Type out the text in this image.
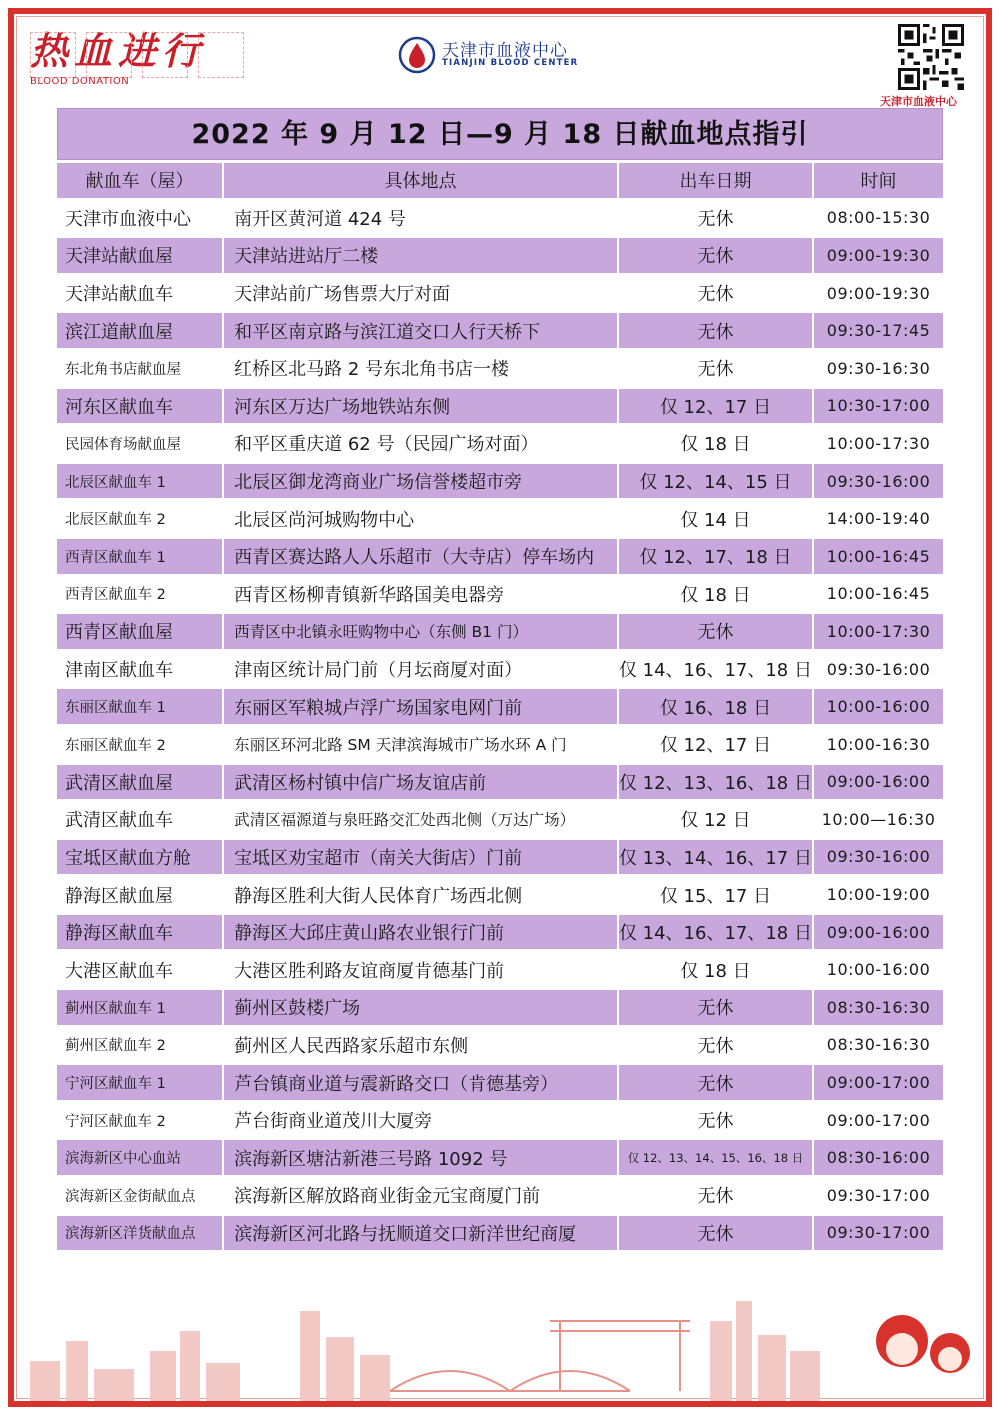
热血进行
BLOOD DONATION
天津市血液中心
TIANJIN BLOOD CENTER
天津市血液中心
2022 年 9 月 12 日—9 月 18 日献血地点指引
献血车（屋）	具体地点	出车日期	时间
天津市血液中心	南开区黄河道 424 号	无休	08:00-15:30
天津站献血屋	天津站进站厅二楼	无休	09:00-19:30
天津站献血车	天津站前广场售票大厅对面	无休	09:00-19:30
滨江道献血屋	和平区南京路与滨江道交口人行天桥下	无休	09:30-17:45
东北角书店献血屋	红桥区北马路 2 号东北角书店一楼	无休	09:30-16:30
河东区献血车	河东区万达广场地铁站东侧	仅 12、17 日	10:30-17:00
民园体育场献血屋	和平区重庆道 62 号（民园广场对面）	仅 18 日	10:00-17:30
北辰区献血车 1	北辰区御龙湾商业广场信誉楼超市旁	仅 12、14、15 日	09:30-16:00
北辰区献血车 2	北辰区尚河城购物中心	仅 14 日	14:00-19:40
西青区献血车 1	西青区赛达路人人乐超市（大寺店）停车场内	仅 12、17、18 日	10:00-16:45
西青区献血车 2	西青区杨柳青镇新华路国美电器旁	仅 18 日	10:00-16:45
西青区献血屋	西青区中北镇永旺购物中心（东侧 B1 门）	无休	10:00-17:30
津南区献血车	津南区统计局门前（月坛商厦对面）	仅 14、16、17、18 日	09:30-16:00
东丽区献血车 1	东丽区军粮城卢浮广场国家电网门前	仅 16、18 日	10:00-16:00
东丽区献血车 2	东丽区环河北路 SM 天津滨海城市广场水环 A 门	仅 12、17 日	10:00-16:30
武清区献血屋	武清区杨村镇中信广场友谊店前	仅 12、13、16、18 日	09:00-16:00
武清区献血车	武清区福源道与泉旺路交汇处西北侧（万达广场）	仅 12 日	10:00—16:30
宝坻区献血方舱	宝坻区劝宝超市（南关大街店）门前	仅 13、14、16、17 日	09:30-16:00
静海区献血屋	静海区胜利大街人民体育广场西北侧	仅 15、17 日	10:00-19:00
静海区献血车	静海区大邱庄黄山路农业银行门前	仅 14、16、17、18 日	09:00-16:00
大港区献血车	大港区胜利路友谊商厦肯德基门前	仅 18 日	10:00-16:00
蓟州区献血车 1	蓟州区鼓楼广场	无休	08:30-16:30
蓟州区献血车 2	蓟州区人民西路家乐超市东侧	无休	08:30-16:30
宁河区献血车 1	芦台镇商业道与震新路交口（肯德基旁）	无休	09:00-17:00
宁河区献血车 2	芦台街商业道茂川大厦旁	无休	09:00-17:00
滨海新区中心血站	滨海新区塘沽新港三号路 1092 号	仅 12、13、14、15、16、18 日	08:30-16:00
滨海新区金街献血点	滨海新区解放路商业街金元宝商厦门前	无休	09:30-17:00
滨海新区洋货献血点	滨海新区河北路与抚顺道交口新洋世纪商厦	无休	09:30-17:00
